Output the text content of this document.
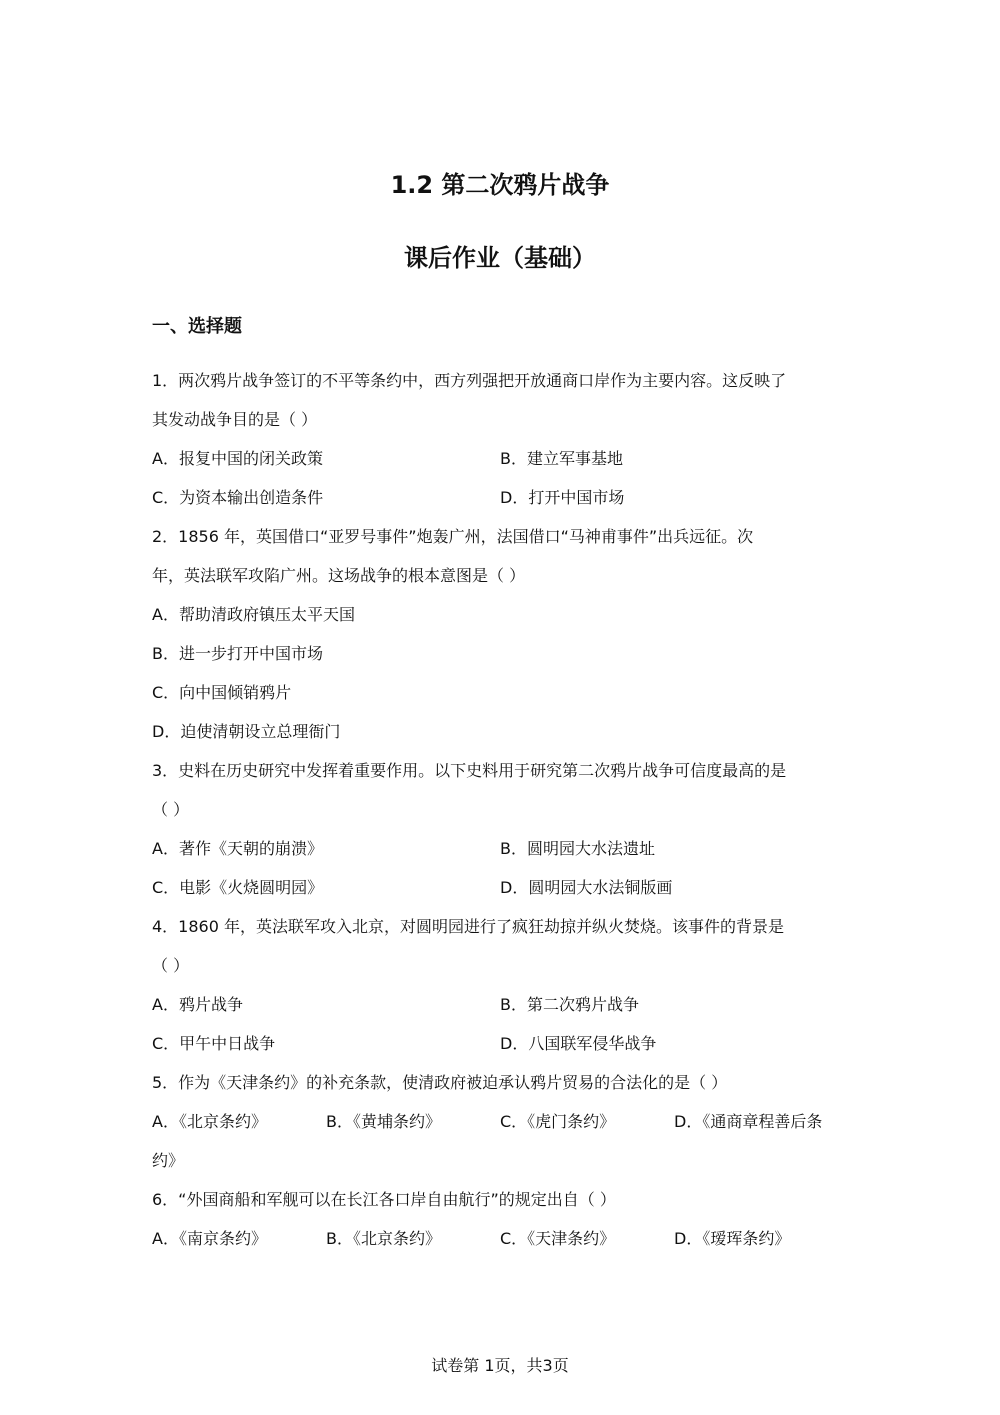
1.2 第二次鸦片战争
课后作业（基础）
一、选择题
1．两次鸦片战争签订的不平等条约中，西方列强把开放通商口岸作为主要内容。这反映了
其发动战争目的是（ ）
A．报复中国的闭关政策	B．建立军事基地
C．为资本输出创造条件	D．打开中国市场
2．1856 年，英国借口“亚罗号事件”炮轰广州，法国借口“马神甫事件”出兵远征。次
年，英法联军攻陷广州。这场战争的根本意图是（ ）
A．帮助清政府镇压太平天国
B．进一步打开中国市场
C．向中国倾销鸦片
D．迫使清朝设立总理衙门
3．史料在历史研究中发挥着重要作用。以下史料用于研究第二次鸦片战争可信度最高的是
（ ）
A．著作《天朝的崩溃》	B．圆明园大水法遗址
C．电影《火烧圆明园》	D．圆明园大水法铜版画
4．1860 年，英法联军攻入北京，对圆明园进行了疯狂劫掠并纵火焚烧。该事件的背景是
（ ）
A．鸦片战争	B．第二次鸦片战争
C．甲午中日战争	D．八国联军侵华战争
5．作为《天津条约》的补充条款，使清政府被迫承认鸦片贸易的合法化的是（ ）
A．《北京条约》	B．《黄埔条约》	C．《虎门条约》	D．《通商章程善后条
约》
6．“外国商船和军舰可以在长江各口岸自由航行”的规定出自（ ）
A．《南京条约》	B．《北京条约》	C．《天津条约》	D．《瑷珲条约》
试卷第 1页，共3页
